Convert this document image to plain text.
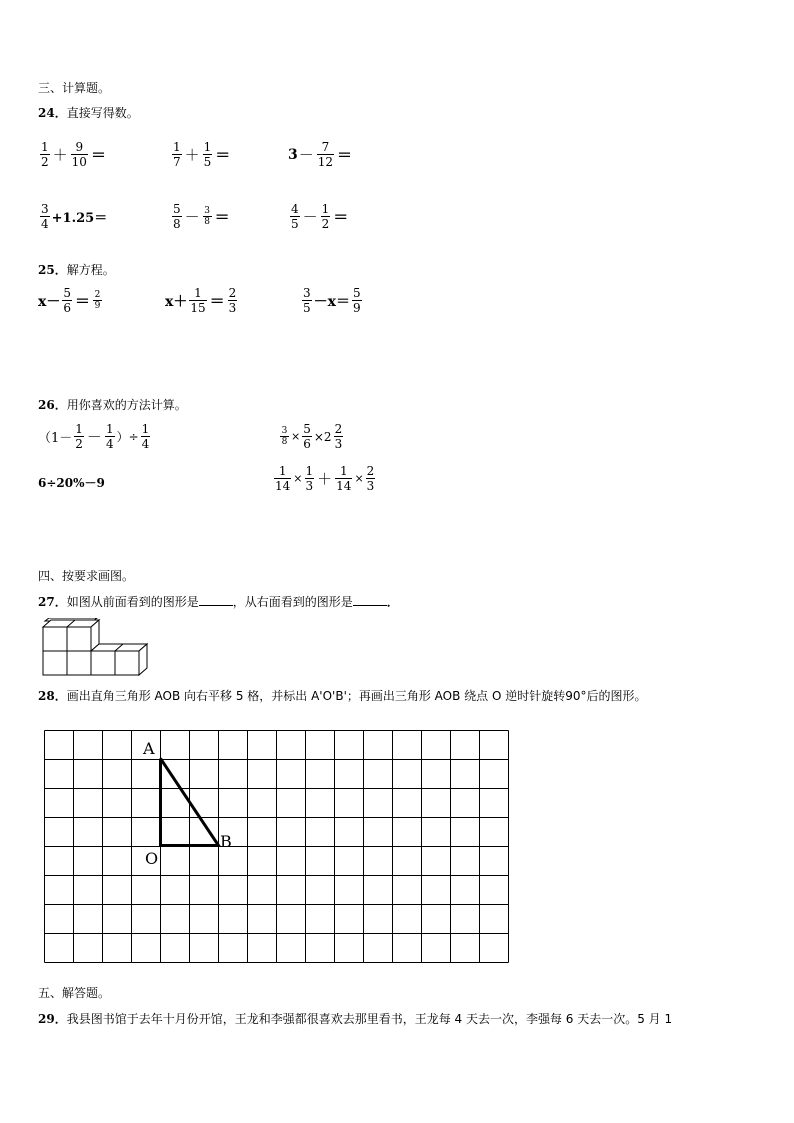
三、计算题。
24．直接写得数。
$\frac{1}{2} + \frac{9}{10}$ ＝	$\frac{1}{7} + \frac{1}{5}$ ＝	$3 - \frac{7}{12}$ ＝
$\frac{3}{4} +1.25=$	$\frac{5}{8} - \frac{3}{8}$ ＝	$\frac{4}{5} - \frac{1}{2}$ ＝
25．解方程。
$x- \frac{5}{6} = \frac{2}{9}$	$x+ \frac{1}{15} = \frac{2}{3}$	$\frac{3}{5} -x= \frac{5}{9}$
26．用你喜欢的方法计算。
（$1- \frac{1}{2} - \frac{1}{4}$ ）÷ $\frac{1}{4}$	$\frac{3}{8} \times \frac{5}{6} \times 2 \frac{2}{3}$
6÷20%－9	$\frac{1}{14} \times \frac{1}{3} + \frac{1}{14} \times \frac{2}{3}$
四、按要求画图。
27．如图从前面看到的图形是	，从右面看到的图形是	．
28．画出直角三角形 AOB 向右平移 5 格，并标出 A'O'B'；再画出三角形 AOB 绕点 O 逆时针旋转90°后的图形。
A
O
B
五、解答题。
29．我县图书馆于去年十月份开馆，王龙和李强都很喜欢去那里看书，王龙每 4 天去一次，李强每 6 天去一次。5 月 1
